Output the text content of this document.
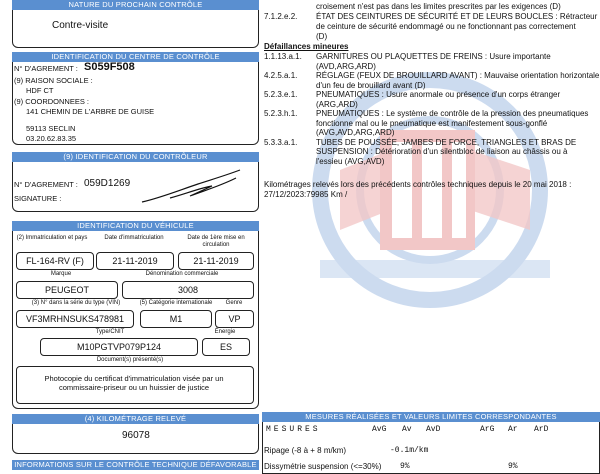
NATURE DU PROCHAIN CONTRÔLE
Contre-visite
IDENTIFICATION DU CENTRE DE CONTRÔLE
N° D'AGREMENT : S059F508
(9) RAISON SOCIALE :
HDF CT
(9) COORDONNEES :
141 CHEMIN DE L'ARBRE DE GUISE
59113 SECLIN
03.20.62.83.35
(9) IDENTIFICATION DU CONTRÔLEUR
N° D'AGREMENT : 059D1269
SIGNATURE :
IDENTIFICATION DU VÉHICULE
(2) Immatriculation et pays	Date d'immatriculation	Date de 1ère mise en circulation
FL-164-RV (F)	21-11-2019	21-11-2019
Marque	Dénomination commerciale
PEUGEOT	3008
(3) N° dans la série du type (VIN)	(5) Catégorie internationale	Genre
VF3MRHNSUKS478981	M1	VP
Type/CNIT	Énergie
M10PGTVP079P124	ES
Document(s) présenté(s)
Photocopie du certificat d'immatriculation visée par un commissaire-priseur ou un huissier de justice
(4) KILOMÉTRAGE RELEVÉ
96078
INFORMATIONS SUR LE CONTRÔLE TECHNIQUE DÉFAVORABLE
croisement n'est pas dans les limites prescrites par les exigences (D)
7.1.2.e.2.	ÉTAT DES CEINTURES DE SÉCURITÉ ET DE LEURS BOUCLES : Rétracteur
de ceinture de sécurité endommagé ou ne fonctionnant pas correctement
(D)
Défaillances mineures
1.1.13.a.1.	GARNITURES OU PLAQUETTES DE FREINS : Usure importante
(AVD,ARG,ARD)
4.2.5.a.1.	RÉGLAGE (FEUX DE BROUILLARD AVANT) : Mauvaise orientation horizontale
d'un feu de brouillard avant (D)
5.2.3.e.1.	PNEUMATIQUES : Usure anormale ou présence d'un corps étranger
(ARG,ARD)
5.2.3.h.1.	PNEUMATIQUES : Le système de contrôle de la pression des pneumatiques
fonctionne mal ou le pneumatique est manifestement sous-gonflé
(AVG,AVD,ARG,ARD)
5.3.3.a.1.	TUBES DE POUSSÉE, JAMBES DE FORCE, TRIANGLES ET BRAS DE
SUSPENSION : Détérioration d'un silentbloc de liaison au châssis ou à
l'essieu (AVG,AVD)
Kilométrages relevés lors des précédents contrôles techniques depuis le 20 mai 2018 :
27/12/2023:79985 Km /
MESURES RÉALISÉES ET VALEURS LIMITES CORRESPONDANTES
MESURES	AvG Av AvD	ArG Ar ArD
Ripage (-8 à + 8 m/km)	-0.1m/km
Dissymétrie suspension (<=30%) 9%	9%
